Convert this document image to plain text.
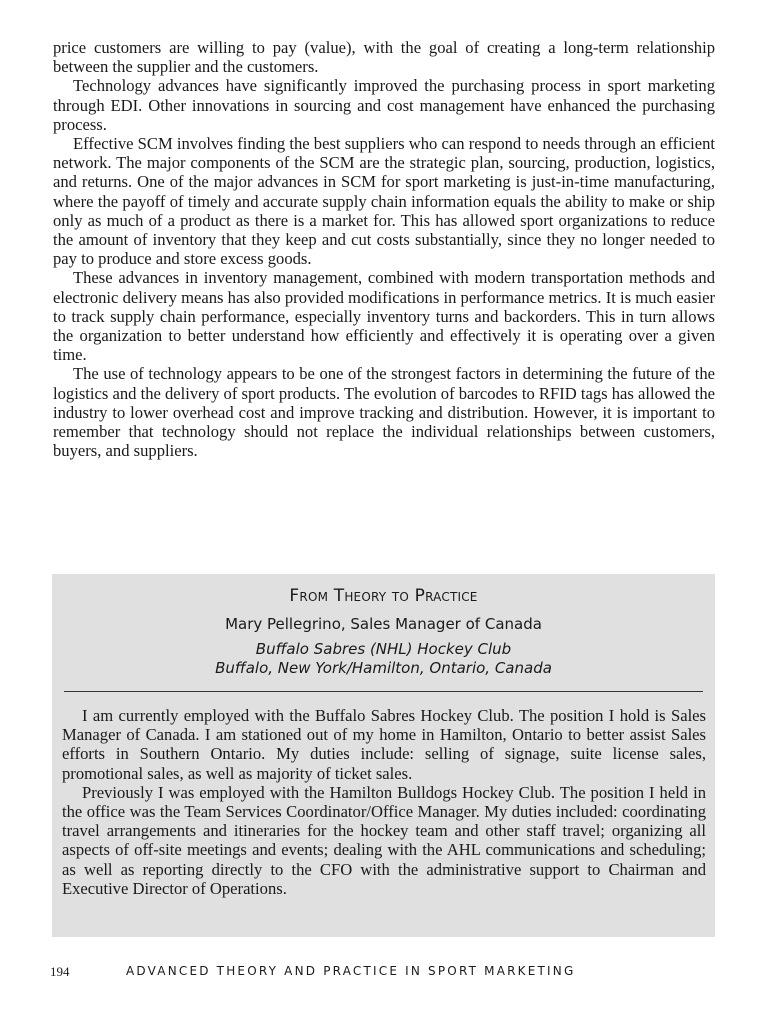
price customers are willing to pay (value), with the goal of creating a long-term relationship between the supplier and the customers.

Technology advances have significantly improved the purchasing process in sport marketing through EDI. Other innovations in sourcing and cost management have enhanced the purchasing process.

Effective SCM involves finding the best suppliers who can respond to needs through an efficient network. The major components of the SCM are the strategic plan, sourcing, production, logistics, and returns. One of the major advances in SCM for sport marketing is just-in-time manufacturing, where the payoff of timely and accurate supply chain information equals the ability to make or ship only as much of a product as there is a market for. This has allowed sport organizations to reduce the amount of inventory that they keep and cut costs substantially, since they no longer needed to pay to produce and store excess goods.

These advances in inventory management, combined with modern transportation methods and electronic delivery means has also provided modifications in performance metrics. It is much easier to track supply chain performance, especially inventory turns and backorders. This in turn allows the organization to better understand how efficiently and effectively it is operating over a given time.

The use of technology appears to be one of the strongest factors in determining the future of the logistics and the delivery of sport products. The evolution of barcodes to RFID tags has allowed the industry to lower overhead cost and improve tracking and distribution. However, it is important to remember that technology should not replace the individual relationships between customers, buyers, and suppliers.

From Theory to Practice
Mary Pellegrino, Sales Manager of Canada
Buffalo Sabres (NHL) Hockey Club
Buffalo, New York/Hamilton, Ontario, Canada

I am currently employed with the Buffalo Sabres Hockey Club. The position I hold is Sales Manager of Canada. I am stationed out of my home in Hamilton, Ontario to better assist Sales efforts in Southern Ontario. My duties include: selling of signage, suite license sales, promotional sales, as well as majority of ticket sales.

Previously I was employed with the Hamilton Bulldogs Hockey Club. The position I held in the office was the Team Services Coordinator/Office Manager. My duties included: coordinating travel arrangements and itineraries for the hockey team and other staff travel; organizing all aspects of off-site meetings and events; dealing with the AHL communications and scheduling; as well as reporting directly to the CFO with the administrative support to Chairman and Executive Director of Operations.

194	ADVANCED THEORY AND PRACTICE IN SPORT MARKETING
